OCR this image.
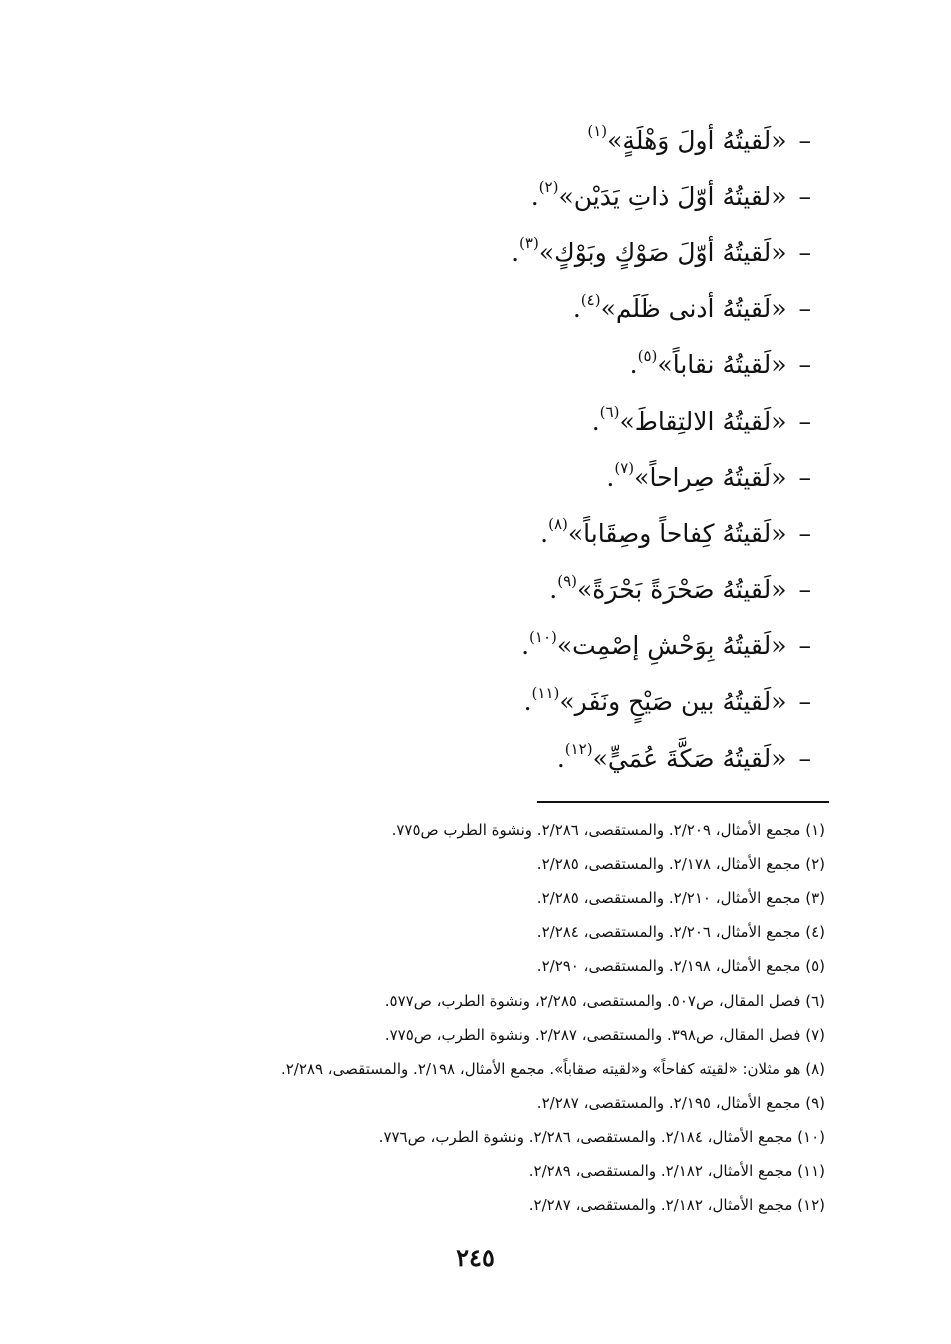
–
«لَقيتُهُ أولَ وَهْلَةٍ»
(١)
–
«لقيتُهُ أوّلَ ذاتِ يَدَيْن»
(٢)
.
–
«لَقيتُهُ أوّلَ صَوْكٍ وبَوْكٍ»
(٣)
.
–
«لَقيتُهُ أدنى ظَلَم»
(٤)
.
–
«لَقيتُهُ نقاباً»
(٥)
.
–
«لَقيتُهُ الالتِقاطَ»
(٦)
.
–
«لَقيتُهُ صِراحاً»
(٧)
.
–
«لَقيتُهُ كِفاحاً وصِقَاباً»
(٨)
.
–
«لَقيتُهُ صَحْرَةً بَحْرَةً»
(٩)
.
–
«لَقيتُهُ بِوَحْشِ إصْمِت»
(١٠)
.
–
«لَقيتُهُ بين صَيْحٍ ونَفَر»
(١١)
.
–
«لَقيتُهُ صَكَّةَ عُمَيٍّ»
(١٢)
.
(١) مجمع الأمثال، ٢/٢٠٩. والمستقصى، ٢/٢٨٦. ونشوة الطرب ص٧٧٥.
(٢) مجمع الأمثال، ٢/١٧٨. والمستقصى، ٢/٢٨٥.
(٣) مجمع الأمثال، ٢/٢١٠. والمستقصى، ٢/٢٨٥.
(٤) مجمع الأمثال، ٢/٢٠٦. والمستقصى، ٢/٢٨٤.
(٥) مجمع الأمثال، ٢/١٩٨. والمستقصى، ٢/٢٩٠.
(٦) فصل المقال، ص٥٠٧. والمستقصى، ٢/٢٨٥، ونشوة الطرب، ص٥٧٧.
(٧) فصل المقال، ص٣٩٨. والمستقصى، ٢/٢٨٧. ونشوة الطرب، ص٧٧٥.
(٨) هو مثلان: «لقيته كفاحاً» و«لقيته صقاباً». مجمع الأمثال، ٢/١٩٨. والمستقصى، ٢/٢٨٩.
(٩) مجمع الأمثال، ٢/١٩٥. والمستقصى، ٢/٢٨٧.
(١٠) مجمع الأمثال، ٢/١٨٤. والمستقصى، ٢/٢٨٦. ونشوة الطرب، ص٧٧٦.
(١١) مجمع الأمثال، ٢/١٨٢. والمستقصى، ٢/٢٨٩.
(١٢) مجمع الأمثال، ٢/١٨٢. والمستقصى، ٢/٢٨٧.
٢٤٥
